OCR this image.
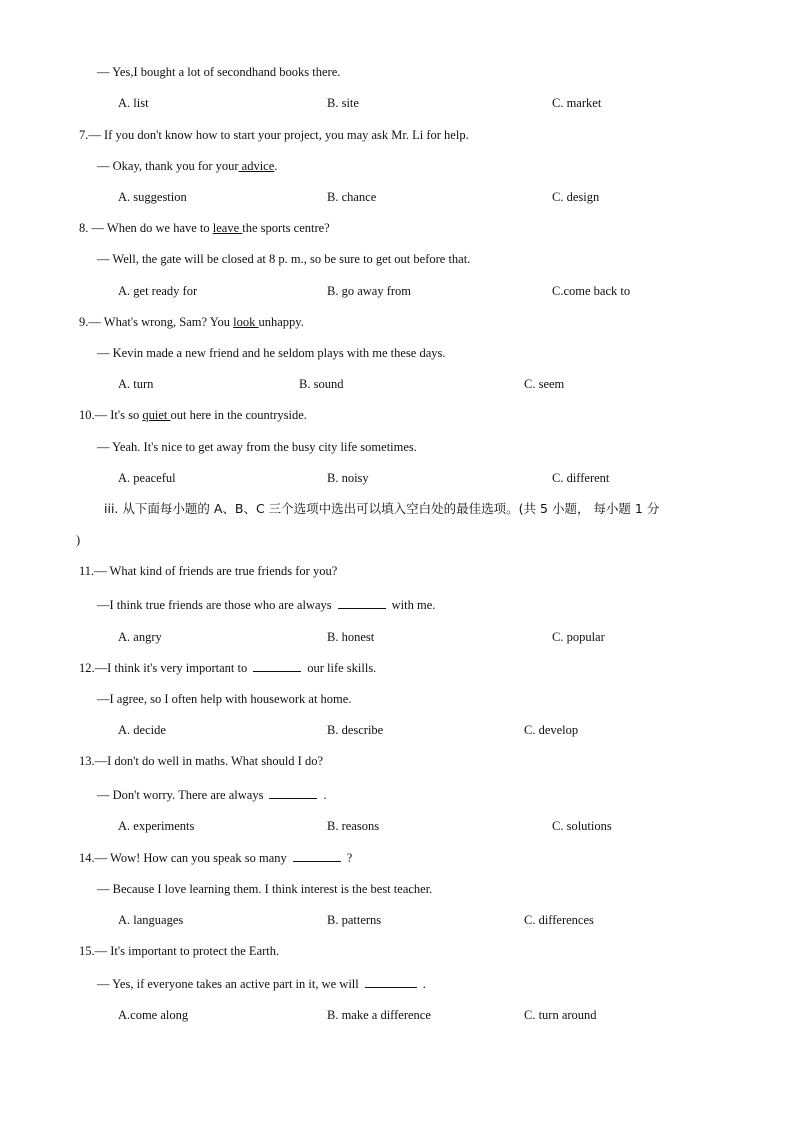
— Yes,I bought a lot of secondhand books there.
A. list	B. site	C. market
7.— If you don't know how to start your project, you may ask Mr. Li for help.
— Okay, thank you for your advice.
A. suggestion	B. chance	C. design
8. — When do we have to leave the sports centre?
— Well, the gate will be closed at 8 p. m., so be sure to get out before that.
A. get ready for	B. go away from	C.come back to
9.— What's wrong, Sam? You look unhappy.
— Kevin made a new friend and he seldom plays with me these days.
A. turn	B. sound	C. seem
10.— It's so quiet out here in the countryside.
— Yeah. It's nice to get away from the busy city life sometimes.
A. peaceful	B. noisy	C. different
iii. 从下面每小题的 A、B、C 三个选项中选出可以填入空白处的最佳选项。(共 5 小题， 每小题 1 分
)
11.— What kind of friends are true friends for you?
—I think true friends are those who are always	with me.
A. angry	B. honest	C. popular
12.—I think it's very important to	our life skills.
—I agree, so I often help with housework at home.
A. decide	B. describe	C. develop
13.—I don't do well in maths. What should I do?
— Don't worry. There are always	.
A. experiments	B. reasons	C. solutions
14.— Wow! How can you speak so many	?
— Because I love learning them. I think interest is the best teacher.
A. languages	B. patterns	C. differences
15.— It's important to protect the Earth.
— Yes, if everyone takes an active part in it, we will	.
A.come along	B. make a difference	C. turn around
